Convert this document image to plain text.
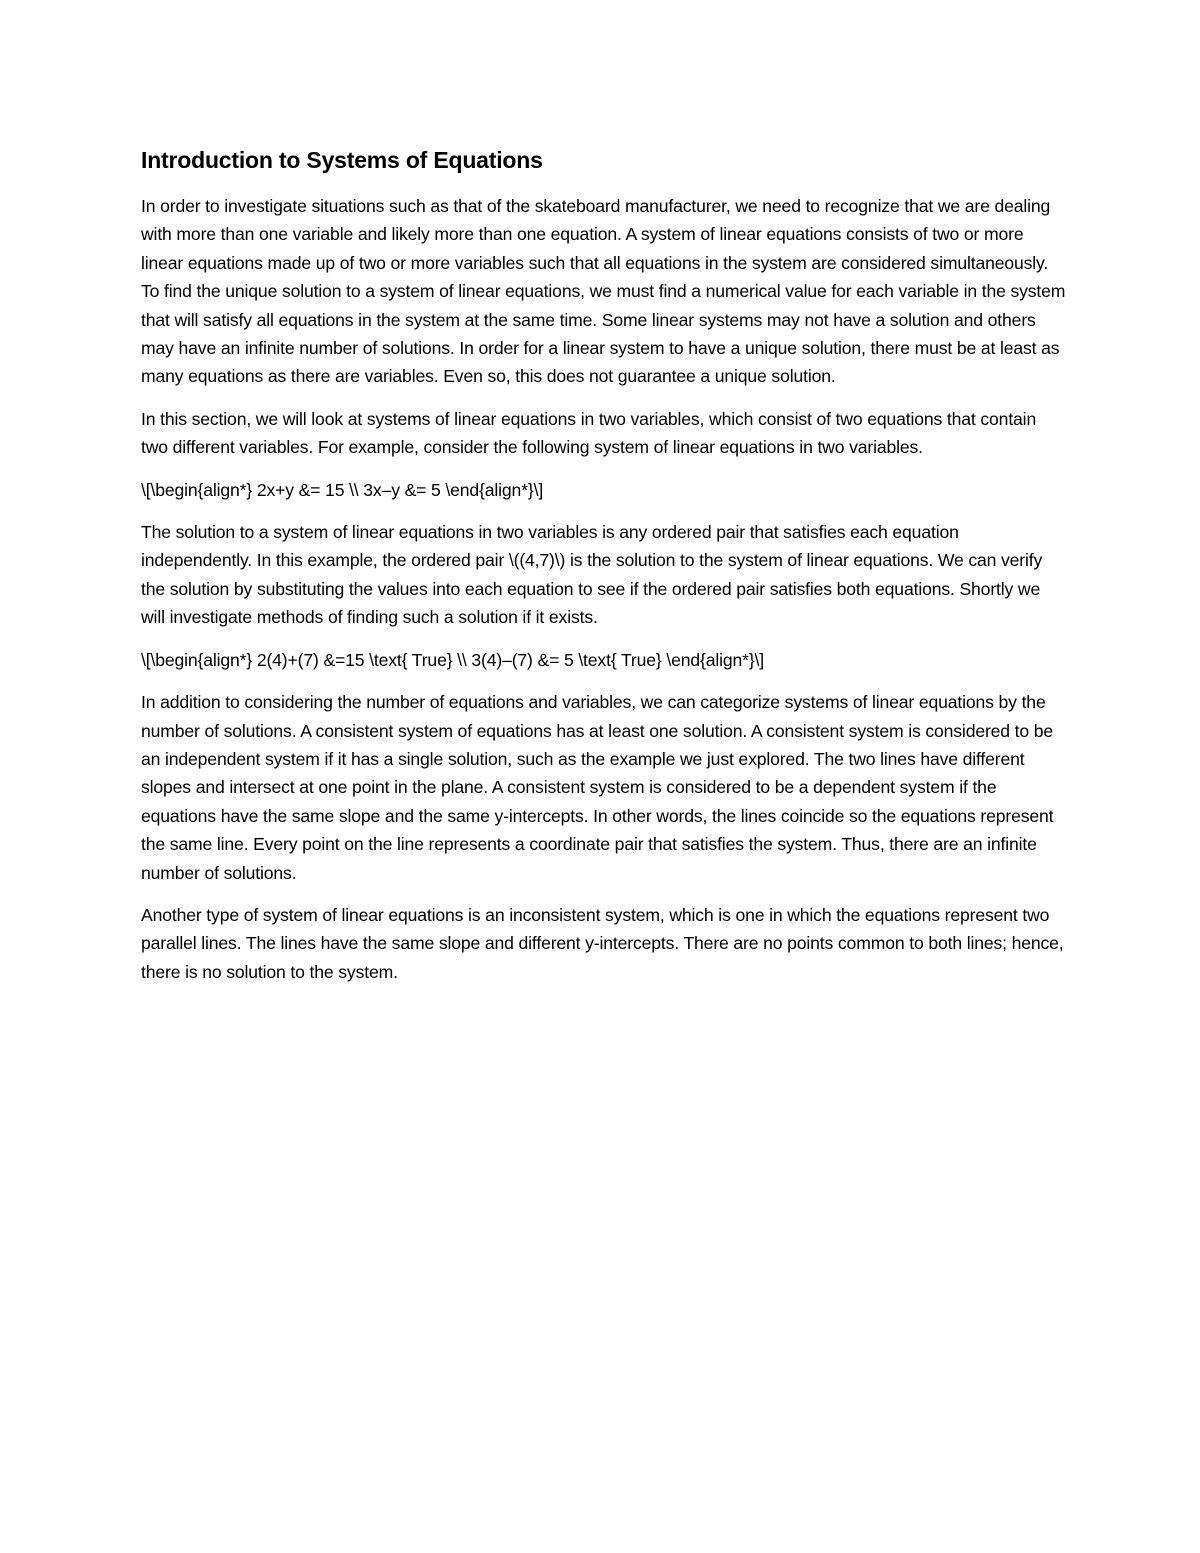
Introduction to Systems of Equations

In order to investigate situations such as that of the skateboard manufacturer, we need to recognize that we are dealing with more than one variable and likely more than one equation. A system of linear equations consists of two or more linear equations made up of two or more variables such that all equations in the system are considered simultaneously. To find the unique solution to a system of linear equations, we must find a numerical value for each variable in the system that will satisfy all equations in the system at the same time. Some linear systems may not have a solution and others may have an infinite number of solutions. In order for a linear system to have a unique solution, there must be at least as many equations as there are variables. Even so, this does not guarantee a unique solution.

In this section, we will look at systems of linear equations in two variables, which consist of two equations that contain two different variables. For example, consider the following system of linear equations in two variables.

\[\begin{align*} 2x+y &= 15 \\ 3x–y &= 5 \end{align*}\]

The solution to a system of linear equations in two variables is any ordered pair that satisfies each equation independently. In this example, the ordered pair \((4,7)\) is the solution to the system of linear equations. We can verify the solution by substituting the values into each equation to see if the ordered pair satisfies both equations. Shortly we will investigate methods of finding such a solution if it exists.

\[\begin{align*} 2(4)+(7) &=15 \text{ True} \\ 3(4)–(7) &= 5 \text{ True} \end{align*}\]

In addition to considering the number of equations and variables, we can categorize systems of linear equations by the number of solutions. A consistent system of equations has at least one solution. A consistent system is considered to be an independent system if it has a single solution, such as the example we just explored. The two lines have different slopes and intersect at one point in the plane. A consistent system is considered to be a dependent system if the equations have the same slope and the same y-intercepts. In other words, the lines coincide so the equations represent the same line. Every point on the line represents a coordinate pair that satisfies the system. Thus, there are an infinite number of solutions.

Another type of system of linear equations is an inconsistent system, which is one in which the equations represent two parallel lines. The lines have the same slope and different y-intercepts. There are no points common to both lines; hence, there is no solution to the system.
